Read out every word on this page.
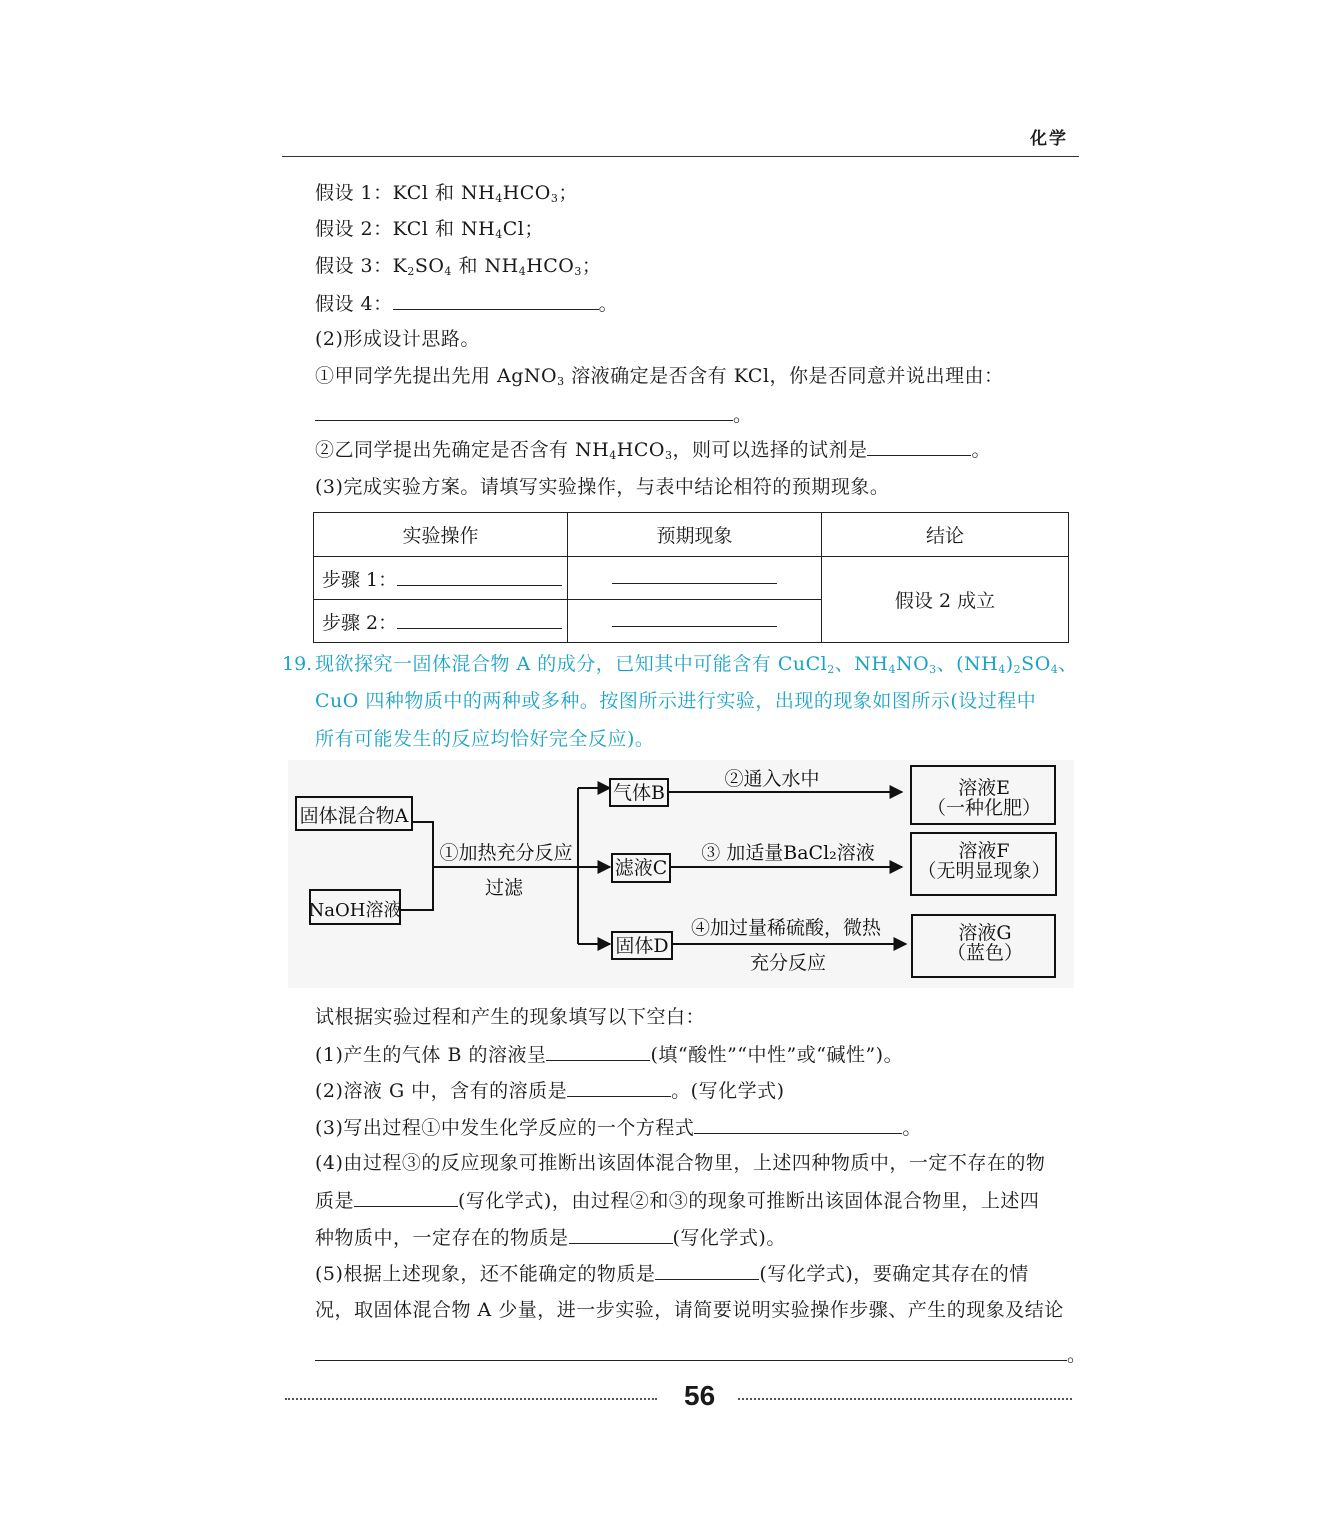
化学
假设 1：KCl 和 $NH_4HCO_3$；
假设 2：KCl 和 $NH_4Cl$；
假设 3：$K_2SO_4$ 和 $NH_4HCO_3$；
假设 4：	。
(2)形成设计思路。
①甲同学先提出先用 AgNO$_3$ 溶液确定是否含有 KCl，你是否同意并说出理由：
。
②乙同学提出先确定是否含有 $NH_4HCO_3$，则可以选择的试剂是	。
(3)完成实验方案。请填写实验操作，与表中结论相符的预期现象。
实验操作	预期现象	结论
步骤 1：		假设 2 成立
步骤 2：		
19. 现欲探究一固体混合物 A 的成分，已知其中可能含有 CuCl$_2$、$NH_4NO_3$、$(NH_4)_2SO_4$、
CuO 四种物质中的两种或多种。按图所示进行实验，出现的现象如图所示(设过程中
所有可能发生的反应均恰好完全反应)。
固体混合物A
NaOH溶液
①加热充分反应
过滤
气体B
滤液C
固体D
②通入水中
③ 加适量BaCl₂溶液
④加过量稀硫酸，微热
充分反应
溶液E
（一种化肥）
溶液F
（无明显现象）
溶液G
（蓝色）
试根据实验过程和产生的现象填写以下空白：
(1)产生的气体 B 的溶液呈	(填“酸性”“中性”或“碱性”)。
(2)溶液 G 中，含有的溶质是	。(写化学式)
(3)写出过程①中发生化学反应的一个方程式	。
(4)由过程③的反应现象可推断出该固体混合物里，上述四种物质中，一定不存在的物
质是	(写化学式)，由过程②和③的现象可推断出该固体混合物里，上述四
种物质中，一定存在的物质是	(写化学式)。
(5)根据上述现象，还不能确定的物质是	(写化学式)，要确定其存在的情
况，取固体混合物 A 少量，进一步实验，请简要说明实验操作步骤、产生的现象及结论
。
56
